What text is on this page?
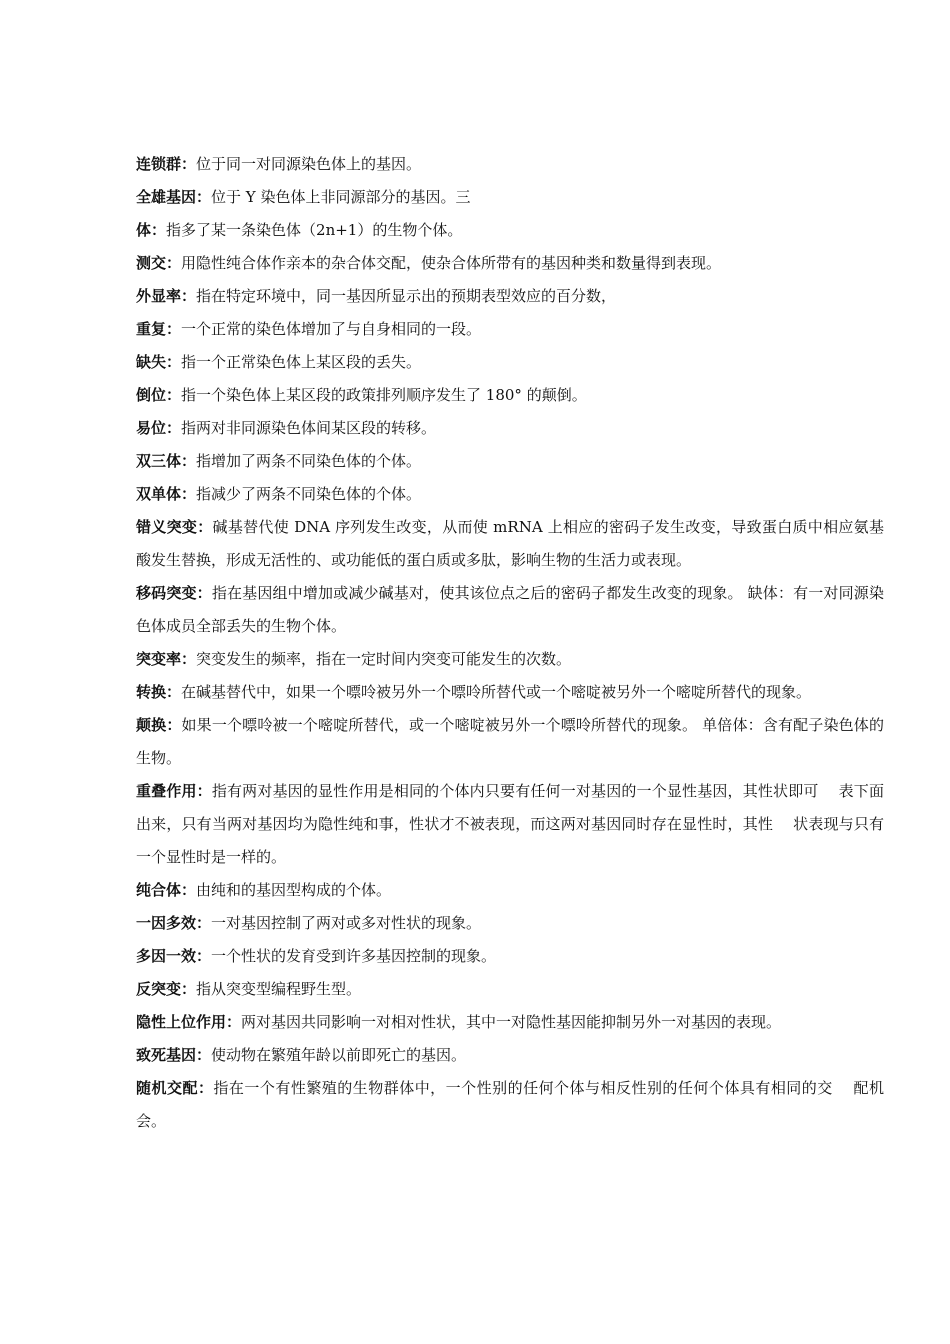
连锁群：位于同一对同源染色体上的基因。

全雄基因：位于 Y 染色体上非同源部分的基因。三

体：指多了某一条染色体（2n+1）的生物个体。

测交：用隐性纯合体作亲本的杂合体交配，使杂合体所带有的基因种类和数量得到表现。

外显率：指在特定环境中，同一基因所显示出的预期表型效应的百分数，

重复：一个正常的染色体增加了与自身相同的一段。

缺失：指一个正常染色体上某区段的丢失。

倒位：指一个染色体上某区段的政策排列顺序发生了 180° 的颠倒。

易位：指两对非同源染色体间某区段的转移。

双三体：指增加了两条不同染色体的个体。

双单体：指减少了两条不同染色体的个体。

错义突变：碱基替代使 DNA 序列发生改变，从而使 mRNA 上相应的密码子发生改变，导致蛋白质中相应氨基酸发生替换，形成无活性的、或功能低的蛋白质或多肽，影响生物的生活力或表现。

移码突变：指在基因组中增加或减少碱基对，使其该位点之后的密码子都发生改变的现象。 缺体：有一对同源染色体成员全部丢失的生物个体。

突变率：突变发生的频率，指在一定时间内突变可能发生的次数。

转换：在碱基替代中，如果一个嘌呤被另外一个嘌呤所替代或一个嘧啶被另外一个嘧啶所替代的现象。

颠换：如果一个嘌呤被一个嘧啶所替代，或一个嘧啶被另外一个嘌呤所替代的现象。 单倍体：含有配子染色体的生物。

重叠作用：指有两对基因的显性作用是相同的个体内只要有任何一对基因的一个显性基因，其性状即可　 表下面出来，只有当两对基因均为隐性纯和事，性状才不被表现，而这两对基因同时存在显性时，其性　 状表现与只有一个显性时是一样的。

纯合体：由纯和的基因型构成的个体。

一因多效：一对基因控制了两对或多对性状的现象。

多因一效：一个性状的发育受到许多基因控制的现象。

反突变：指从突变型编程野生型。

隐性上位作用：两对基因共同影响一对相对性状，其中一对隐性基因能抑制另外一对基因的表现。

致死基因：使动物在繁殖年龄以前即死亡的基因。

随机交配：指在一个有性繁殖的生物群体中，一个性别的任何个体与相反性别的任何个体具有相同的交　 配机会。
